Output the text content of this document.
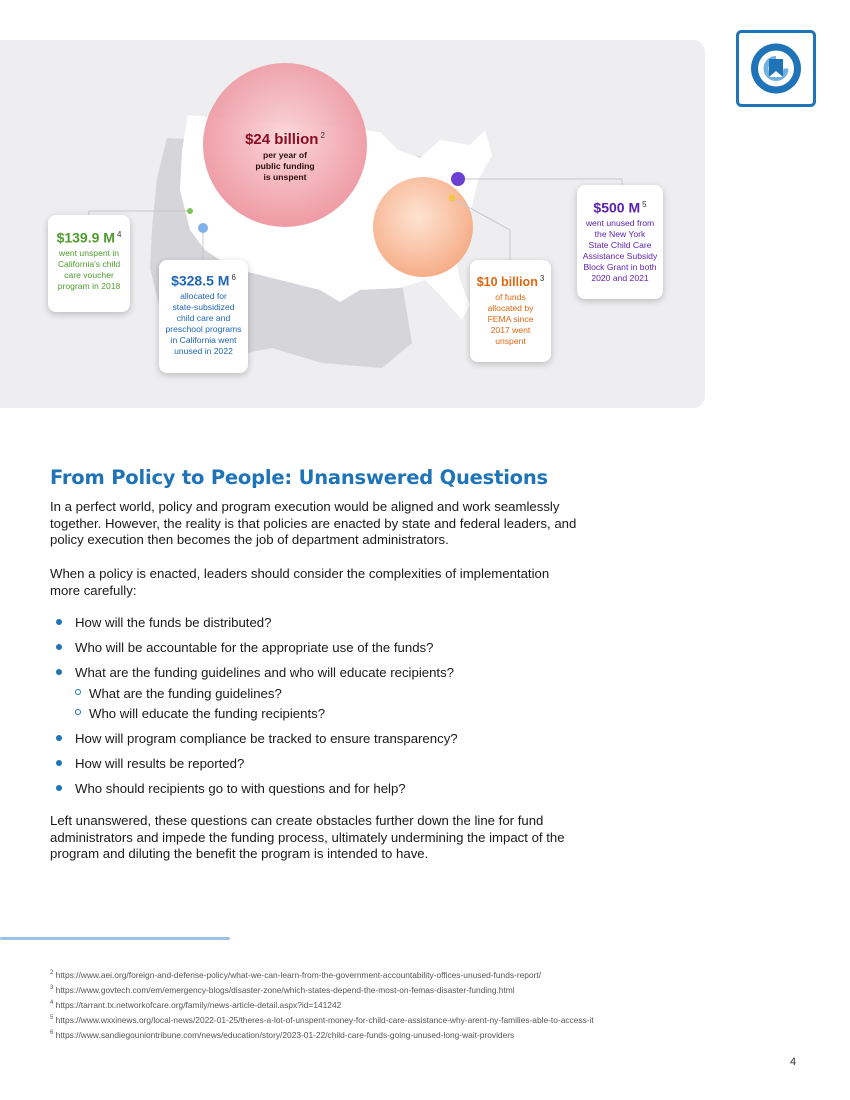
$24 billion $^2$
per year of
public funding
is unspent
$139.9 M $^4$
went unspent in
California's child
care voucher
program in 2018	$328.5 M $^6$
allocated for
state-subsidized
child care and
preschool programs
in California went
unused in 2022
$10 billion $^3$
of funds
allocated by
FEMA since
2017 went
unspent
$500 M $^5$
went unused from
the New York
State Child Care
Assistance Subsidy
Block Grant in both
2020 and 2021
From Policy to People: Unanswered Questions

In a perfect world, policy and program execution would be aligned and work seamlessly together. However, the reality is that policies are enacted by state and federal leaders, and policy execution then becomes the job of department administrators.

When a policy is enacted, leaders should consider the complexities of implementation more carefully:

How will the funds be distributed?
Who will be accountable for the appropriate use of the funds?
What are the funding guidelines and who will educate recipients?
What are the funding guidelines?
Who will educate the funding recipients?
How will program compliance be tracked to ensure transparency?
How will results be reported?
Who should recipients go to with questions and for help?

Left unanswered, these questions can create obstacles further down the line for fund administrators and impede the funding process, ultimately undermining the impact of the program and diluting the benefit the program is intended to have.

$^2$ https://www.aei.org/foreign-and-defense-policy/what-we-can-learn-from-the-government-accountability-offices-unused-funds-report/
$^3$ https://www.govtech.com/em/emergency-blogs/disaster-zone/which-states-depend-the-most-on-femas-disaster-funding.html
$^4$ https://tarrant.tx.networkofcare.org/family/news-article-detail.aspx?id=141242
$^5$ https://www.wxxinews.org/local-news/2022-01-25/theres-a-lot-of-unspent-money-for-child-care-assistance-why-arent-ny-families-able-to-access-it
$^6$ https://www.sandiegouniontribune.com/news/education/story/2023-01-22/child-care-funds-going-unused-long-wait-providers
4
